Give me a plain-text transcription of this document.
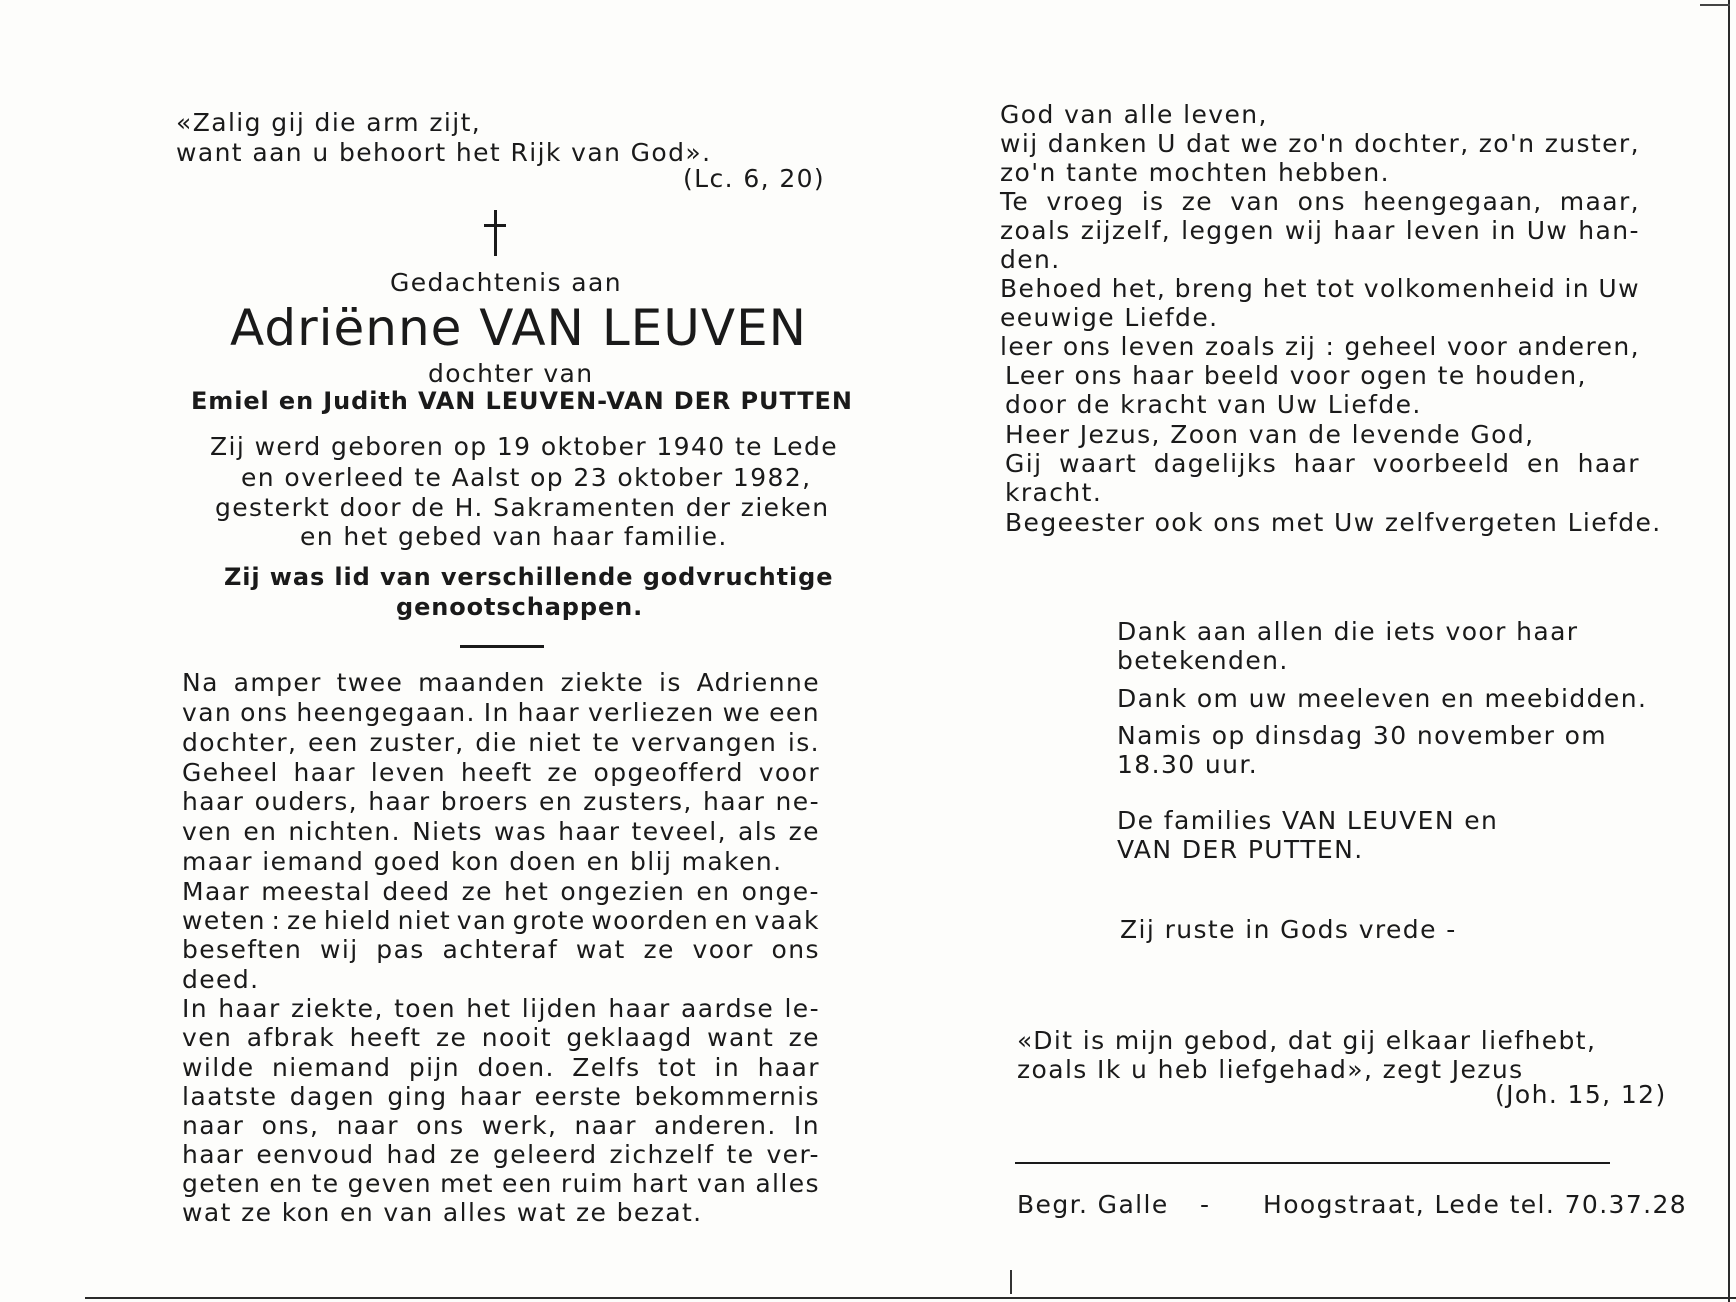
«Zalig gij die arm zijt,
want aan u behoort het Rijk van God».
(Lc. 6, 20)
Gedachtenis aan
Adriënne VAN LEUVEN
dochter van
Emiel en Judith VAN LEUVEN-VAN DER PUTTEN
Zij werd geboren op 19 oktober 1940 te Lede
en overleed te Aalst op 23 oktober 1982,
gesterkt door de H. Sakramenten der zieken
en het gebed van haar familie.
Zij was lid van verschillende godvruchtige
genootschappen.
Na amper twee maanden ziekte is Adrienne
van ons heengegaan. In haar verliezen we een
dochter, een zuster, die niet te vervangen is.
Geheel haar leven heeft ze opgeofferd voor
haar ouders, haar broers en zusters, haar ne-
ven en nichten. Niets was haar teveel, als ze
maar iemand goed kon doen en blij maken.
Maar meestal deed ze het ongezien en onge-
weten : ze hield niet van grote woorden en vaak
beseften wij pas achteraf wat ze voor ons
deed.
In haar ziekte, toen het lijden haar aardse le-
ven afbrak heeft ze nooit geklaagd want ze
wilde niemand pijn doen. Zelfs tot in haar
laatste dagen ging haar eerste bekommernis
naar ons, naar ons werk, naar anderen. In
haar eenvoud had ze geleerd zichzelf te ver-
geten en te geven met een ruim hart van alles
wat ze kon en van alles wat ze bezat.
God van alle leven,
wij danken U dat we zo'n dochter, zo'n zuster,
zo'n tante mochten hebben.
Te vroeg is ze van ons heengegaan, maar,
zoals zijzelf, leggen wij haar leven in Uw han-
den.
Behoed het, breng het tot volkomenheid in Uw
eeuwige Liefde.
leer ons leven zoals zij : geheel voor anderen,
Leer ons haar beeld voor ogen te houden,
door de kracht van Uw Liefde.
Heer Jezus, Zoon van de levende God,
Gij waart dagelijks haar voorbeeld en haar
kracht.
Begeester ook ons met Uw zelfvergeten Liefde.
Dank aan allen die iets voor haar
betekenden.
Dank om uw meeleven en meebidden.
Namis op dinsdag 30 november om
18.30 uur.
De families VAN LEUVEN en
VAN DER PUTTEN.
Zij ruste in Gods vrede -
«Dit is mijn gebod, dat gij elkaar liefhebt,
zoals Ik u heb liefgehad», zegt Jezus
(Joh. 15, 12)
Begr. Galle - Hoogstraat, Lede tel. 70.37.28
